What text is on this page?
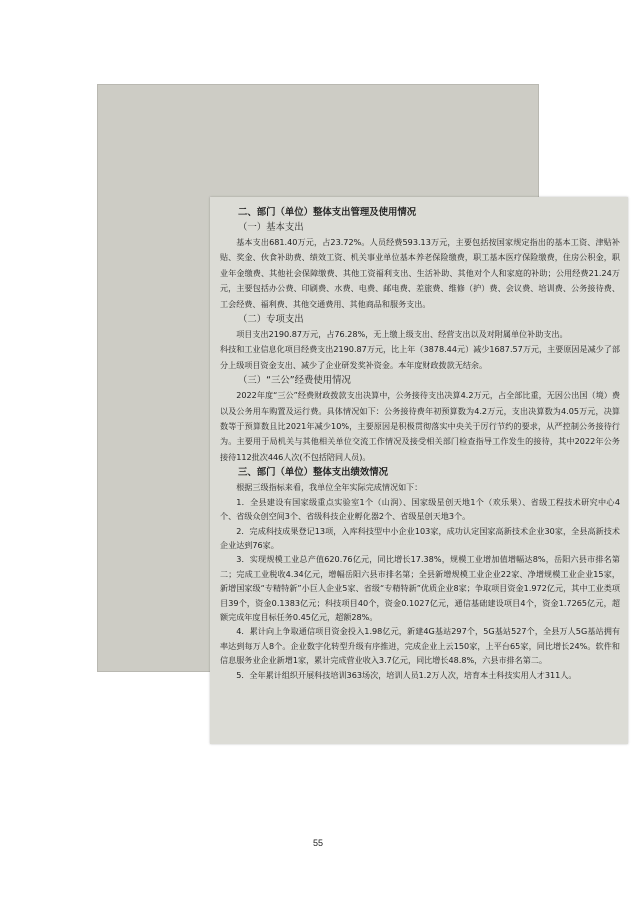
二、部门（单位）整体支出管理及使用情况

（一）基本支出

基本支出681.40万元，占23.72%。人员经费593.13万元，主要包括按国家规定指出的基本工资、津贴补贴、奖金、伙食补助费、绩效工资、机关事业单位基本养老保险缴费，职工基本医疗保险缴费，住房公积金，职业年金缴费、其他社会保障缴费、其他工资福利支出、生活补助、其他对个人和家庭的补助；公用经费21.24万元，主要包括办公费、印刷费、水费、电费、邮电费、差旅费、维修（护）费、会议费、培训费、公务接待费、工会经费、福利费、其他交通费用、其他商品和服务支出。

（二）专项支出

项目支出2190.87万元，占76.28%，无上缴上级支出、经营支出以及对附属单位补助支出。

科技和工业信息化项目经费支出2190.87万元，比上年（3878.44元）减少1687.57万元，主要原因是减少了部分上级项目资金支出、减少了企业研发奖补资金。本年度财政拨款无结余。

（三）“三公”经费使用情况

2022年度“三公”经费财政拨款支出决算中，公务接待支出决算4.2万元，占全部比重，无因公出国（境）费以及公务用车购置及运行费。具体情况如下：公务接待费年初预算数为4.2万元，支出决算数为4.05万元，决算数等于预算数且比2021年减少10%，主要原因是积极贯彻落实中央关于厉行节约的要求，从严控制公务接待行为。主要用于局机关与其他相关单位交流工作情况及接受相关部门检查指导工作发生的接待，其中2022年公务接待112批次446人次(不包括陪同人员)。

三、部门（单位）整体支出绩效情况

根据三级指标来看，我单位全年实际完成情况如下：

1．全县建设有国家级重点实验室1个（山润）、国家级星创天地1个（欢乐果）、省级工程技术研究中心4个、省级众创空间3个、省级科技企业孵化器2个、省级星创天地3个。

2．完成科技成果登记13项，入库科技型中小企业103家，成功认定国家高新技术企业30家，全县高新技术企业达到76家。

3．实现规模工业总产值620.76亿元，同比增长17.38%，规模工业增加值增幅达8%，岳阳六县市排名第二；完成工业税收4.34亿元，增幅岳阳六县市排名第；全县新增规模工业企业22家、净增规模工业企业15家，新增国家级“专精特新”小巨人企业5家、省级“专精特新”优质企业8家；争取项目资金1.972亿元，其中工业类项目39个，资金0.1383亿元；科技项目40个，资金0.1027亿元，通信基础建设项目4个，资金1.7265亿元，超额完成年度目标任务0.45亿元，超额28%。

4．累计向上争取通信项目资金投入1.98亿元，新建4G基站297个，5G基站527个，全县万人5G基站拥有率达到每万人8个。企业数字化转型升级有序推进，完成企业上云150家，上平台65家，同比增长24%。软件和信息服务业企业新增1家，累计完成营业收入3.7亿元，同比增长48.8%，六县市排名第二。

5．全年累计组织开展科技培训363场次，培训人员1.2万人次，培育本土科技实用人才311人。

55
